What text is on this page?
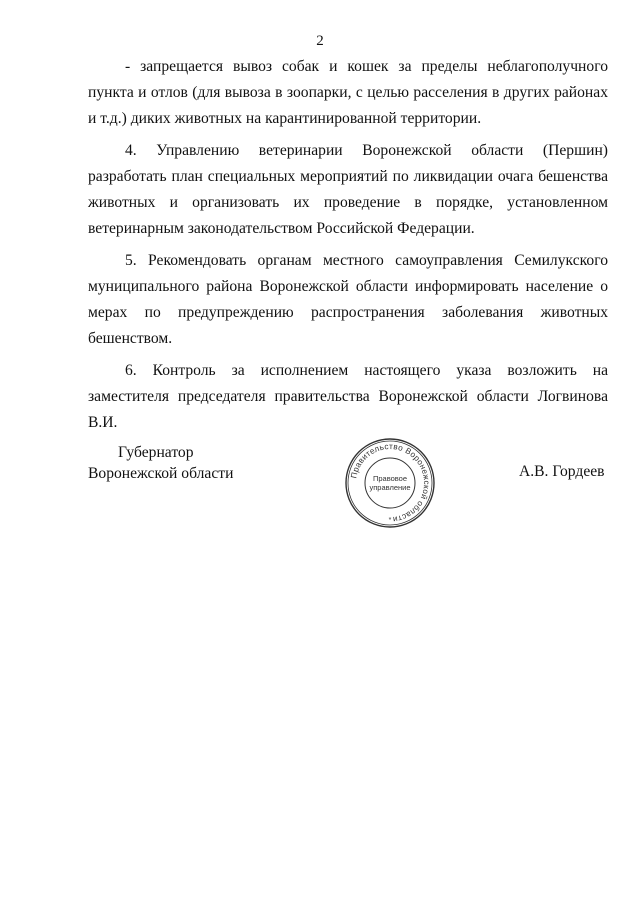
2

- запрещается вывоз собак и кошек за пределы неблагополучного пункта и отлов (для вывоза в зоопарки, с целью расселения в других районах и т.д.) диких животных на карантинированной территории.

4. Управлению ветеринарии Воронежской области (Першин) разработать план специальных мероприятий по ликвидации очага бешенства животных и организовать их проведение в порядке, установленном ветеринарным законодательством Российской Федерации.

5. Рекомендовать органам местного самоуправления Семилукского муниципального района Воронежской области информировать население о мерах по предупреждению распространения заболевания животных бешенством.

6. Контроль за исполнением настоящего указа возложить на заместителя председателя правительства Воронежской области Логвинова В.И.

Губернатор
Воронежской области	Правительство Воронежской области
Правовое
управление
*
А.В. Гордеев
